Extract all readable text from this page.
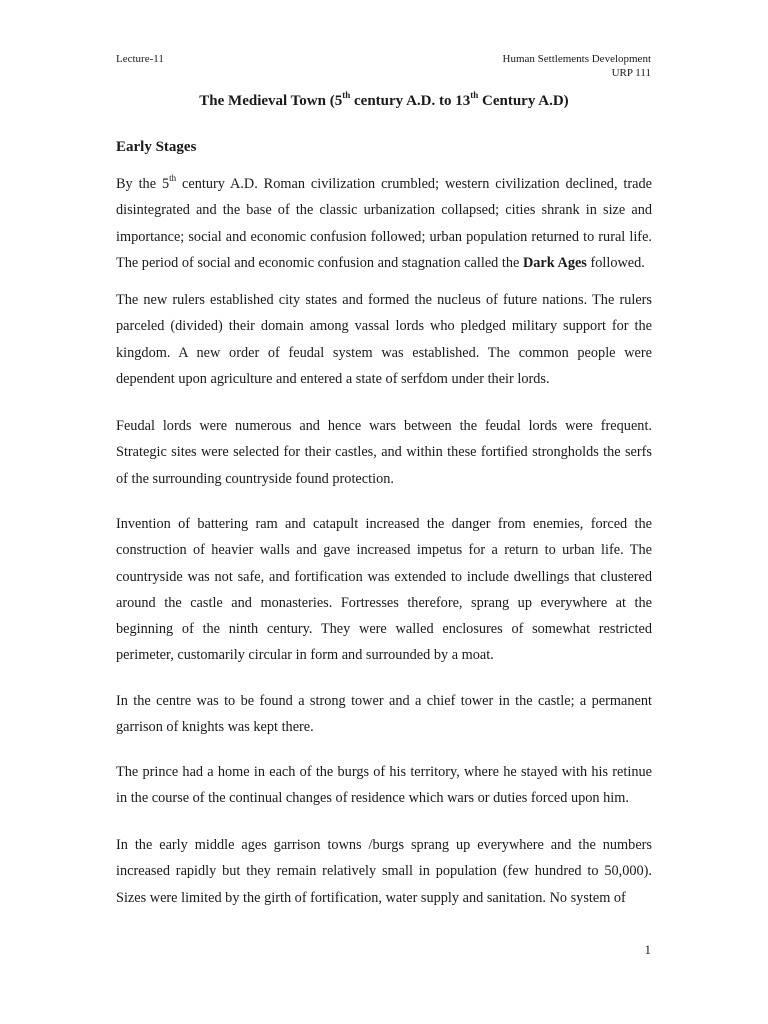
Lecture-11	Human Settlements Development
URP 111
The Medieval Town (5th century A.D. to 13th Century A.D)
Early Stages

By the 5th century A.D. Roman civilization crumbled; western civilization declined, trade disintegrated and the base of the classic urbanization collapsed; cities shrank in size and importance; social and economic confusion followed; urban population returned to rural life. The period of social and economic confusion and stagnation called the Dark Ages followed.

The new rulers established city states and formed the nucleus of future nations. The rulers parceled (divided) their domain among vassal lords who pledged military support for the kingdom. A new order of feudal system was established. The common people were dependent upon agriculture and entered a state of serfdom under their lords.

Feudal lords were numerous and hence wars between the feudal lords were frequent. Strategic sites were selected for their castles, and within these fortified strongholds the serfs of the surrounding countryside found protection.

Invention of battering ram and catapult increased the danger from enemies, forced the construction of heavier walls and gave increased impetus for a return to urban life. The countryside was not safe, and fortification was extended to include dwellings that clustered around the castle and monasteries. Fortresses therefore, sprang up everywhere at the beginning of the ninth century. They were walled enclosures of somewhat restricted perimeter, customarily circular in form and surrounded by a moat.

In the centre was to be found a strong tower and a chief tower in the castle; a permanent garrison of knights was kept there.

The prince had a home in each of the burgs of his territory, where he stayed with his retinue in the course of the continual changes of residence which wars or duties forced upon him.

In the early middle ages garrison towns /burgs sprang up everywhere and the numbers increased rapidly but they remain relatively small in population (few hundred to 50,000). Sizes were limited by the girth of fortification, water supply and sanitation. No system of

1
